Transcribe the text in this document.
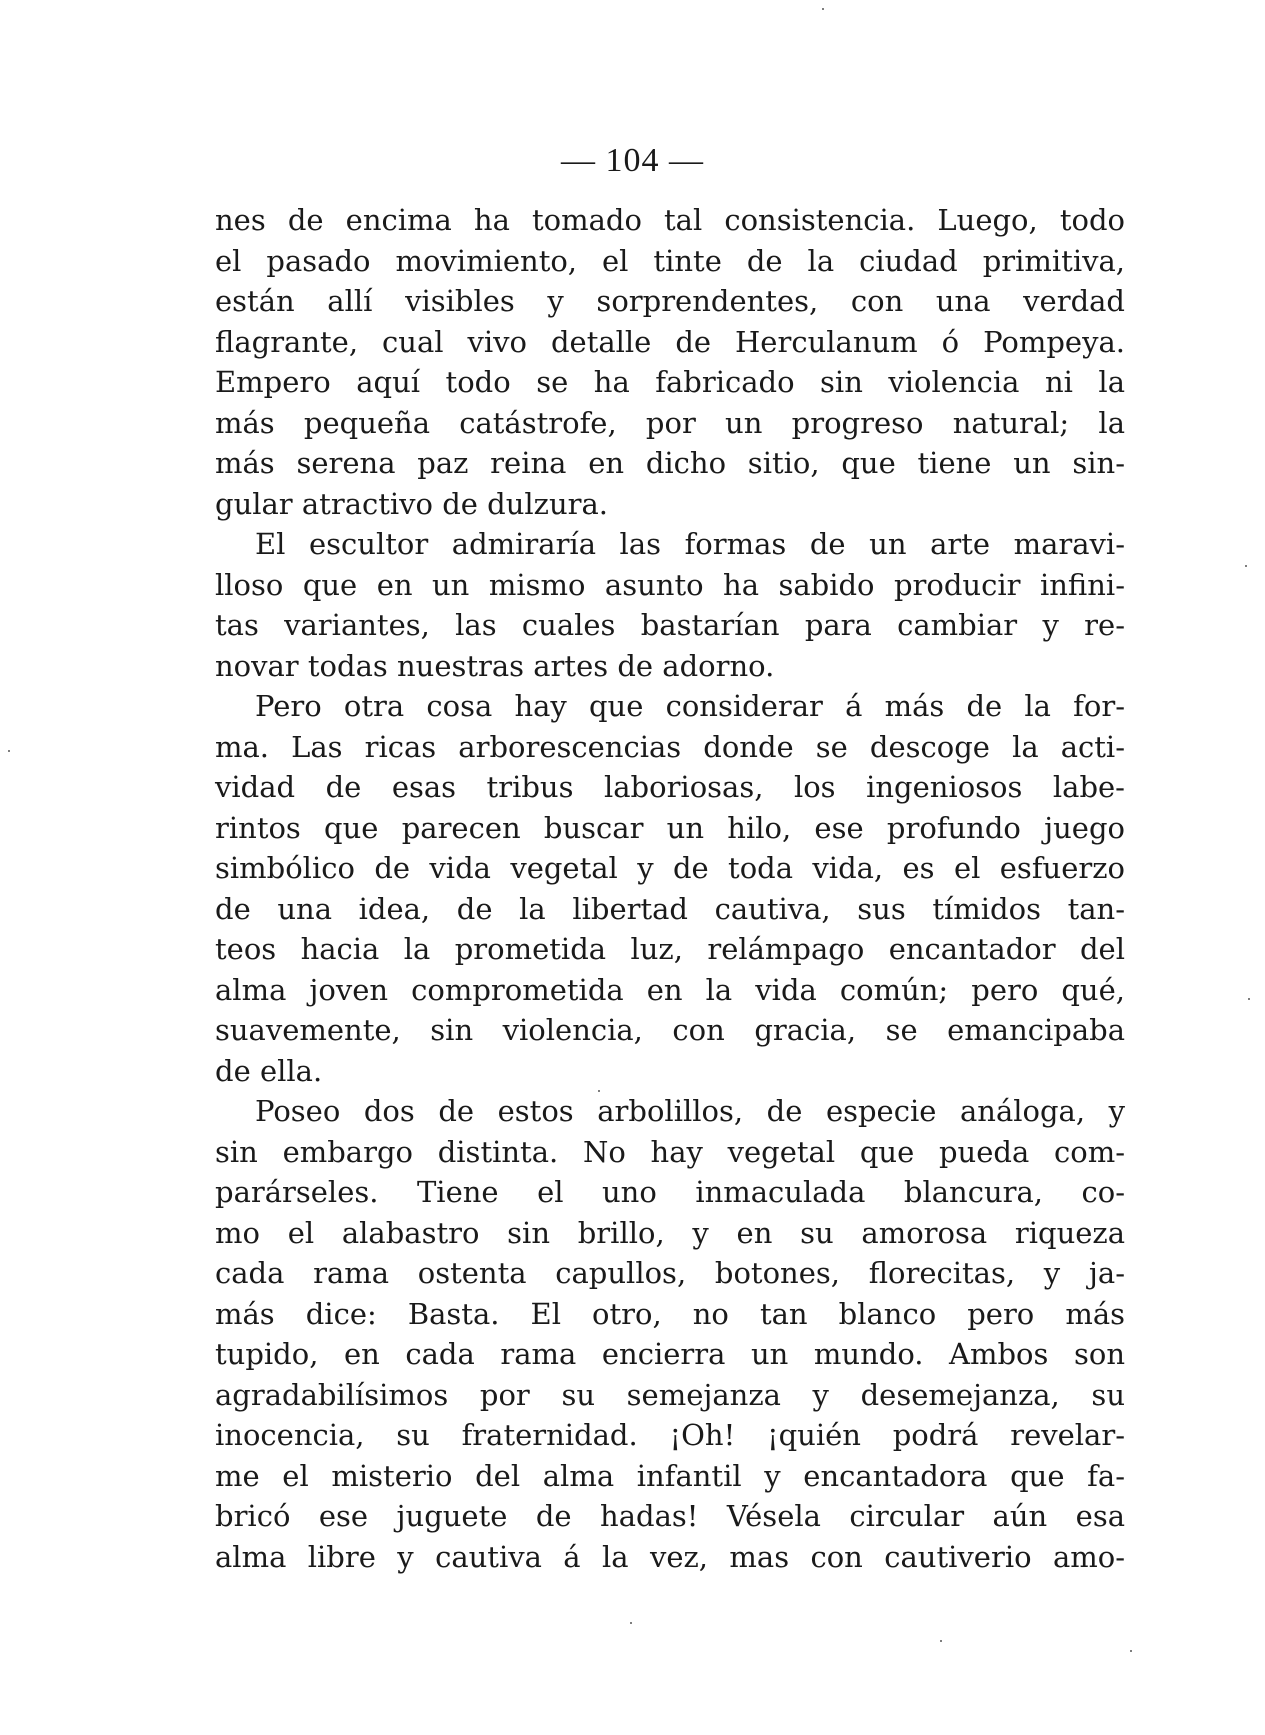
— 104 —
nes de encima ha tomado tal consistencia. Luego, todo
el pasado movimiento, el tinte de la ciudad primitiva,
están allí visibles y sorprendentes, con una verdad
flagrante, cual vivo detalle de Herculanum ó Pompeya.
Empero aquí todo se ha fabricado sin violencia ni la
más pequeña catástrofe, por un progreso natural; la
más serena paz reina en dicho sitio, que tiene un sin-
gular atractivo de dulzura.
El escultor admiraría las formas de un arte maravi-
lloso que en un mismo asunto ha sabido producir infini-
tas variantes, las cuales bastarían para cambiar y re-
novar todas nuestras artes de adorno.
Pero otra cosa hay que considerar á más de la for-
ma. Las ricas arborescencias donde se descoge la acti-
vidad de esas tribus laboriosas, los ingeniosos labe-
rintos que parecen buscar un hilo, ese profundo juego
simbólico de vida vegetal y de toda vida, es el esfuerzo
de una idea, de la libertad cautiva, sus tímidos tan-
teos hacia la prometida luz, relámpago encantador del
alma joven comprometida en la vida común; pero qué,
suavemente, sin violencia, con gracia, se emancipaba
de ella.
Poseo dos de estos arbolillos, de especie análoga, y
sin embargo distinta. No hay vegetal que pueda com-
parárseles. Tiene el uno inmaculada blancura, co-
mo el alabastro sin brillo, y en su amorosa riqueza
cada rama ostenta capullos, botones, florecitas, y ja-
más dice: Basta. El otro, no tan blanco pero más
tupido, en cada rama encierra un mundo. Ambos son
agradabilísimos por su semejanza y desemejanza, su
inocencia, su fraternidad. ¡Oh! ¡quién podrá revelar-
me el misterio del alma infantil y encantadora que fa-
bricó ese juguete de hadas! Vésela circular aún esa
alma libre y cautiva á la vez, mas con cautiverio amo-
